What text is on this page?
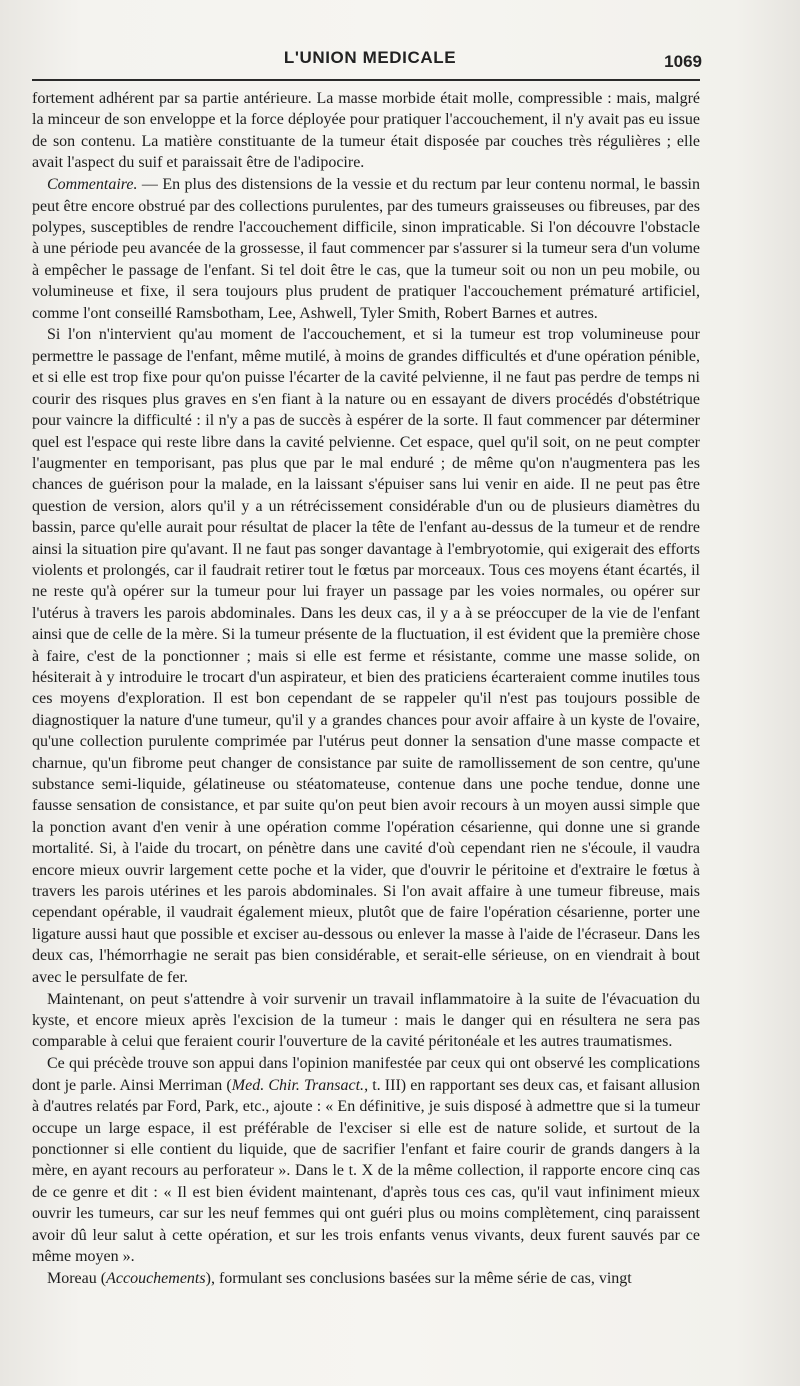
L'UNION MEDICALE	1069

fortement adhérent par sa partie antérieure. La masse morbide était molle, compressible : mais, malgré la minceur de son enveloppe et la force déployée pour pratiquer l'accouchement, il n'y avait pas eu issue de son contenu. La matière constituante de la tumeur était disposée par couches très régulières ; elle avait l'aspect du suif et paraissait être de l'adipocire.

Commentaire. — En plus des distensions de la vessie et du rectum par leur contenu normal, le bassin peut être encore obstrué par des collections purulentes, par des tumeurs graisseuses ou fibreuses, par des polypes, susceptibles de rendre l'accouchement difficile, sinon impraticable. Si l'on découvre l'obstacle à une période peu avancée de la grossesse, il faut commencer par s'assurer si la tumeur sera d'un volume à empêcher le passage de l'enfant. Si tel doit être le cas, que la tumeur soit ou non un peu mobile, ou volumineuse et fixe, il sera toujours plus prudent de pratiquer l'accouchement prématuré artificiel, comme l'ont conseillé Ramsbotham, Lee, Ashwell, Tyler Smith, Robert Barnes et autres.

Si l'on n'intervient qu'au moment de l'accouchement, et si la tumeur est trop volumineuse pour permettre le passage de l'enfant, même mutilé, à moins de grandes difficultés et d'une opération pénible, et si elle est trop fixe pour qu'on puisse l'écarter de la cavité pelvienne, il ne faut pas perdre de temps ni courir des risques plus graves en s'en fiant à la nature ou en essayant de divers procédés d'obstétrique pour vaincre la difficulté : il n'y a pas de succès à espérer de la sorte. Il faut commencer par déterminer quel est l'espace qui reste libre dans la cavité pelvienne. Cet espace, quel qu'il soit, on ne peut compter l'augmenter en temporisant, pas plus que par le mal enduré ; de même qu'on n'augmentera pas les chances de guérison pour la malade, en la laissant s'épuiser sans lui venir en aide. Il ne peut pas être question de version, alors qu'il y a un rétrécissement considérable d'un ou de plusieurs diamètres du bassin, parce qu'elle aurait pour résultat de placer la tête de l'enfant au-dessus de la tumeur et de rendre ainsi la situation pire qu'avant. Il ne faut pas songer davantage à l'embryotomie, qui exigerait des efforts violents et prolongés, car il faudrait retirer tout le fœtus par morceaux. Tous ces moyens étant écartés, il ne reste qu'à opérer sur la tumeur pour lui frayer un passage par les voies normales, ou opérer sur l'utérus à travers les parois abdominales. Dans les deux cas, il y a à se préoccuper de la vie de l'enfant ainsi que de celle de la mère. Si la tumeur présente de la fluctuation, il est évident que la première chose à faire, c'est de la ponctionner ; mais si elle est ferme et résistante, comme une masse solide, on hésiterait à y introduire le trocart d'un aspirateur, et bien des praticiens écarteraient comme inutiles tous ces moyens d'exploration. Il est bon cependant de se rappeler qu'il n'est pas toujours possible de diagnostiquer la nature d'une tumeur, qu'il y a grandes chances pour avoir affaire à un kyste de l'ovaire, qu'une collection purulente comprimée par l'utérus peut donner la sensation d'une masse compacte et charnue, qu'un fibrome peut changer de consistance par suite de ramollissement de son centre, qu'une substance semi-liquide, gélatineuse ou stéatomateuse, contenue dans une poche tendue, donne une fausse sensation de consistance, et par suite qu'on peut bien avoir recours à un moyen aussi simple que la ponction avant d'en venir à une opération comme l'opération césarienne, qui donne une si grande mortalité. Si, à l'aide du trocart, on pénètre dans une cavité d'où cependant rien ne s'écoule, il vaudra encore mieux ouvrir largement cette poche et la vider, que d'ouvrir le péritoine et d'extraire le fœtus à travers les parois utérines et les parois abdominales. Si l'on avait affaire à une tumeur fibreuse, mais cependant opérable, il vaudrait également mieux, plutôt que de faire l'opération césarienne, porter une ligature aussi haut que possible et exciser au-dessous ou enlever la masse à l'aide de l'écraseur. Dans les deux cas, l'hémorrhagie ne serait pas bien considérable, et serait-elle sérieuse, on en viendrait à bout avec le persulfate de fer.

Maintenant, on peut s'attendre à voir survenir un travail inflammatoire à la suite de l'évacuation du kyste, et encore mieux après l'excision de la tumeur : mais le danger qui en résultera ne sera pas comparable à celui que feraient courir l'ouverture de la cavité péritonéale et les autres traumatismes.

Ce qui précède trouve son appui dans l'opinion manifestée par ceux qui ont observé les complications dont je parle. Ainsi Merriman (Med. Chir. Transact., t. III) en rapportant ses deux cas, et faisant allusion à d'autres relatés par Ford, Park, etc., ajoute : « En définitive, je suis disposé à admettre que si la tumeur occupe un large espace, il est préférable de l'exciser si elle est de nature solide, et surtout de la ponctionner si elle contient du liquide, que de sacrifier l'enfant et faire courir de grands dangers à la mère, en ayant recours au perforateur ». Dans le t. X de la même collection, il rapporte encore cinq cas de ce genre et dit : « Il est bien évident maintenant, d'après tous ces cas, qu'il vaut infiniment mieux ouvrir les tumeurs, car sur les neuf femmes qui ont guéri plus ou moins complètement, cinq paraissent avoir dû leur salut à cette opération, et sur les trois enfants venus vivants, deux furent sauvés par ce même moyen ».

Moreau (Accouchements), formulant ses conclusions basées sur la même série de cas, vingt
